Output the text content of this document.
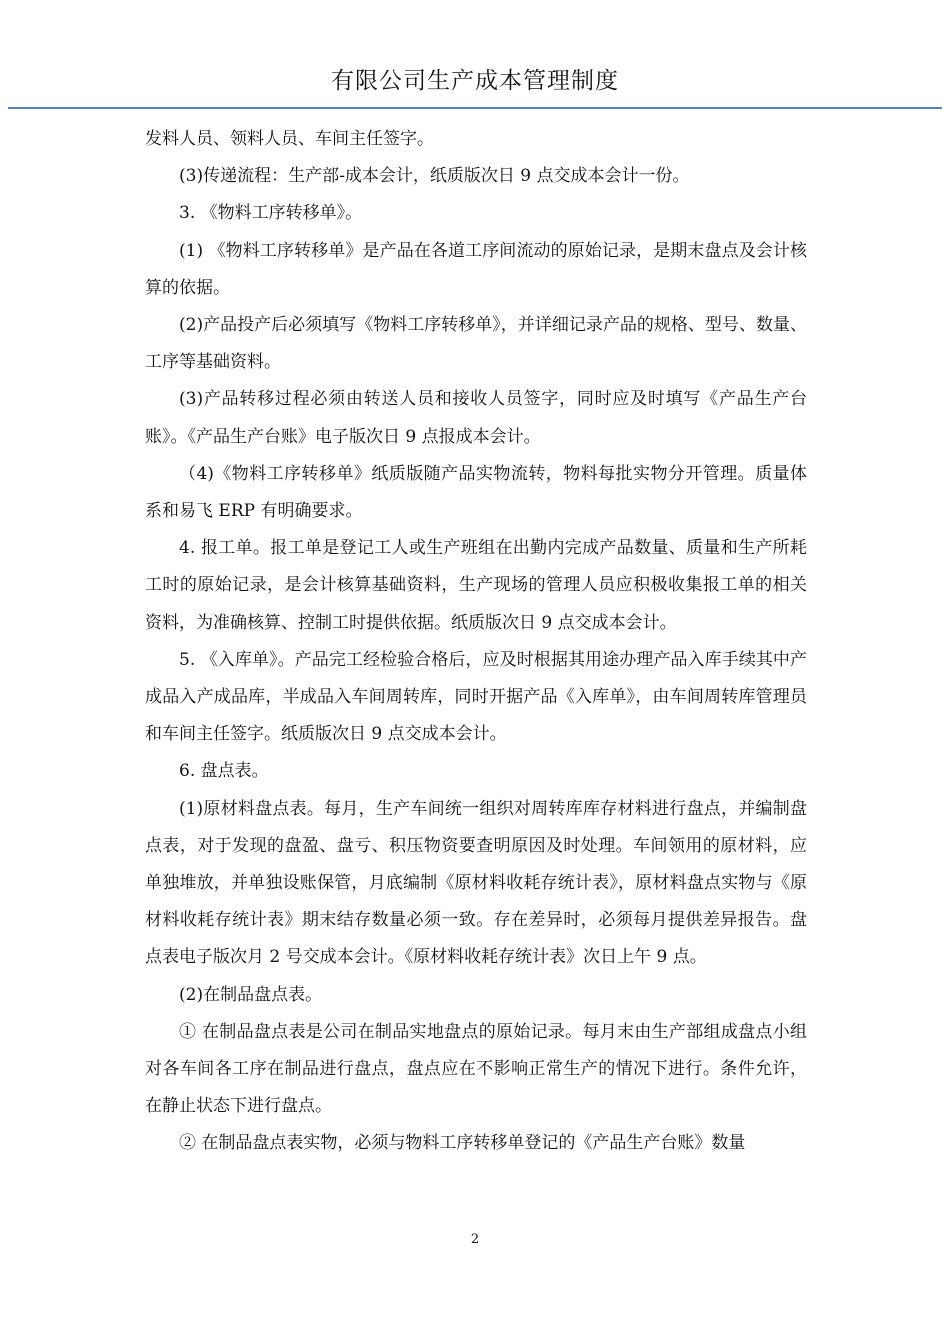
有限公司生产成本管理制度

发料人员、领料人员、车间主任签字。

(3)传递流程：生产部-成本会计，纸质版次日 9 点交成本会计一份。

3. 《物料工序转移单》。

(1) 《物料工序转移单》是产品在各道工序间流动的原始记录，是期末盘点及会计核算的依据。

(2)产品投产后必须填写《物料工序转移单》，并详细记录产品的规格、型号、数量、工序等基础资料。

(3)产品转移过程必须由转送人员和接收人员签字，同时应及时填写《产品生产台账》。《产品生产台账》电子版次日 9 点报成本会计。

（4)《物料工序转移单》纸质版随产品实物流转，物料每批实物分开管理。质量体系和易飞 ERP 有明确要求。

4. 报工单。报工单是登记工人或生产班组在出勤内完成产品数量、质量和生产所耗工时的原始记录，是会计核算基础资料，生产现场的管理人员应积极收集报工单的相关资料，为准确核算、控制工时提供依据。纸质版次日 9 点交成本会计。

5. 《入库单》。产品完工经检验合格后，应及时根据其用途办理产品入库手续其中产成品入产成品库，半成品入车间周转库，同时开据产品《入库单》，由车间周转库管理员和车间主任签字。纸质版次日 9 点交成本会计。

6. 盘点表。

(1)原材料盘点表。每月，生产车间统一组织对周转库库存材料进行盘点，并编制盘点表，对于发现的盘盈、盘亏、积压物资要查明原因及时处理。车间领用的原材料，应单独堆放，并单独设账保管，月底编制《原材料收耗存统计表》，原材料盘点实物与《原材料收耗存统计表》期末结存数量必须一致。存在差异时，必须每月提供差异报告。盘点表电子版次月 2 号交成本会计。《原材料收耗存统计表》次日上午 9 点。

(2)在制品盘点表。

① 在制品盘点表是公司在制品实地盘点的原始记录。每月末由生产部组成盘点小组对各车间各工序在制品进行盘点，盘点应在不影响正常生产的情况下进行。条件允许，在静止状态下进行盘点。

② 在制品盘点表实物，必须与物料工序转移单登记的《产品生产台账》数量

2
